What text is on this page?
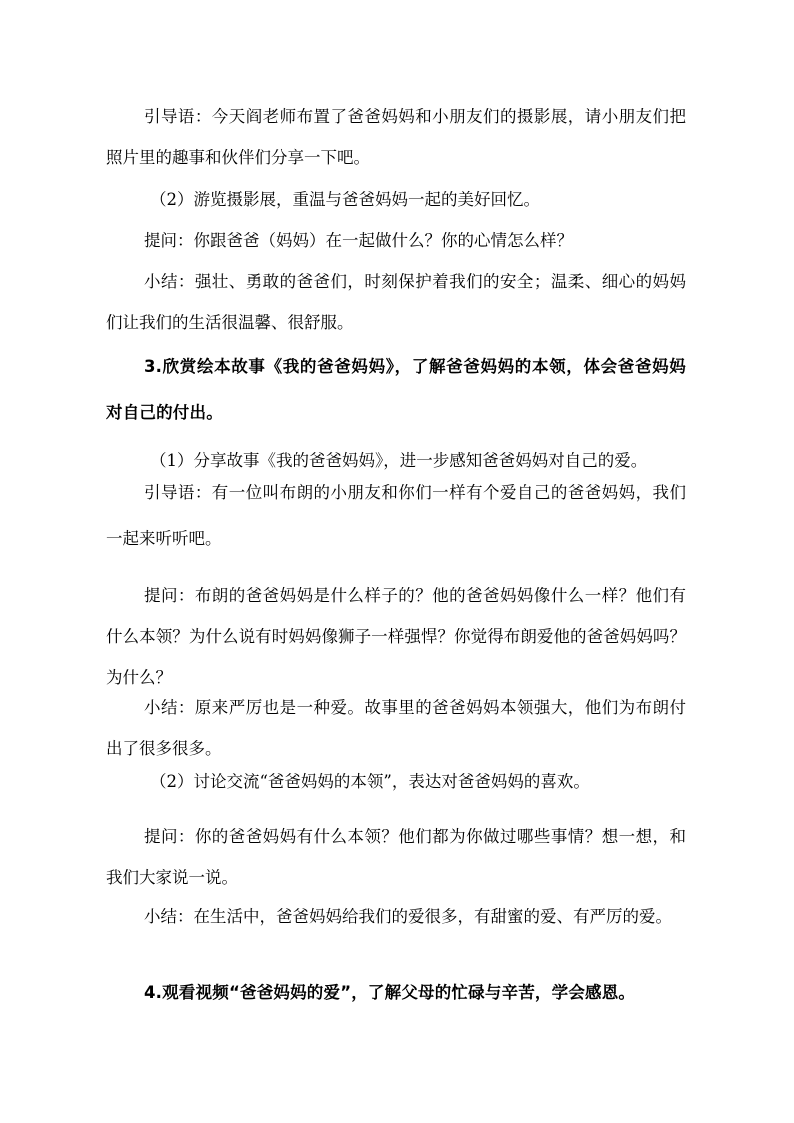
引导语：今天阎老师布置了爸爸妈妈和小朋友们的摄影展，请小朋友们把照片里的趣事和伙伴们分享一下吧。

（2）游览摄影展，重温与爸爸妈妈一起的美好回忆。

提问：你跟爸爸（妈妈）在一起做什么？你的心情怎么样？

小结：强壮、勇敢的爸爸们，时刻保护着我们的安全；温柔、细心的妈妈们让我们的生活很温馨、很舒服。

3.欣赏绘本故事《我的爸爸妈妈》，了解爸爸妈妈的本领，体会爸爸妈妈对自己的付出。

（1）分享故事《我的爸爸妈妈》，进一步感知爸爸妈妈对自己的爱。

引导语：有一位叫布朗的小朋友和你们一样有个爱自己的爸爸妈妈，我们一起来听听吧。

提问：布朗的爸爸妈妈是什么样子的？他的爸爸妈妈像什么一样？他们有什么本领？为什么说有时妈妈像狮子一样强悍？你觉得布朗爱他的爸爸妈妈吗？为什么？

小结：原来严厉也是一种爱。故事里的爸爸妈妈本领强大，他们为布朗付出了很多很多。

（2）讨论交流“爸爸妈妈的本领”，表达对爸爸妈妈的喜欢。

提问：你的爸爸妈妈有什么本领？他们都为你做过哪些事情？想一想，和我们大家说一说。

小结：在生活中，爸爸妈妈给我们的爱很多，有甜蜜的爱、有严厉的爱。

4.观看视频“爸爸妈妈的爱”，了解父母的忙碌与辛苦，学会感恩。
